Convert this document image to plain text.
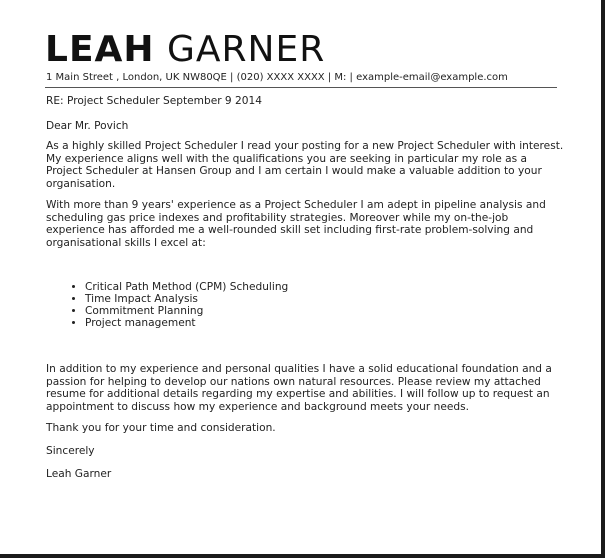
LEAH GARNER
1 Main Street , London, UK NW80QE | (020) XXXX XXXX | M: | example-email@example.com
RE: Project Scheduler September 9 2014
Dear Mr. Povich
As a highly skilled Project Scheduler I read your posting for a new Project Scheduler with interest. My experience aligns well with the qualifications you are seeking in particular my role as a Project Scheduler at Hansen Group and I am certain I would make a valuable addition to your organisation.
With more than 9 years' experience as a Project Scheduler I am adept in pipeline analysis and scheduling gas price indexes and profitability strategies. Moreover while my on-the-job experience has afforded me a well-rounded skill set including first-rate problem-solving and organisational skills I excel at:
• Critical Path Method (CPM) Scheduling
• Time Impact Analysis
• Commitment Planning
• Project management
In addition to my experience and personal qualities I have a solid educational foundation and a passion for helping to develop our nations own natural resources. Please review my attached resume for additional details regarding my expertise and abilities. I will follow up to request an appointment to discuss how my experience and background meets your needs.
Thank you for your time and consideration.
Sincerely
Leah Garner
